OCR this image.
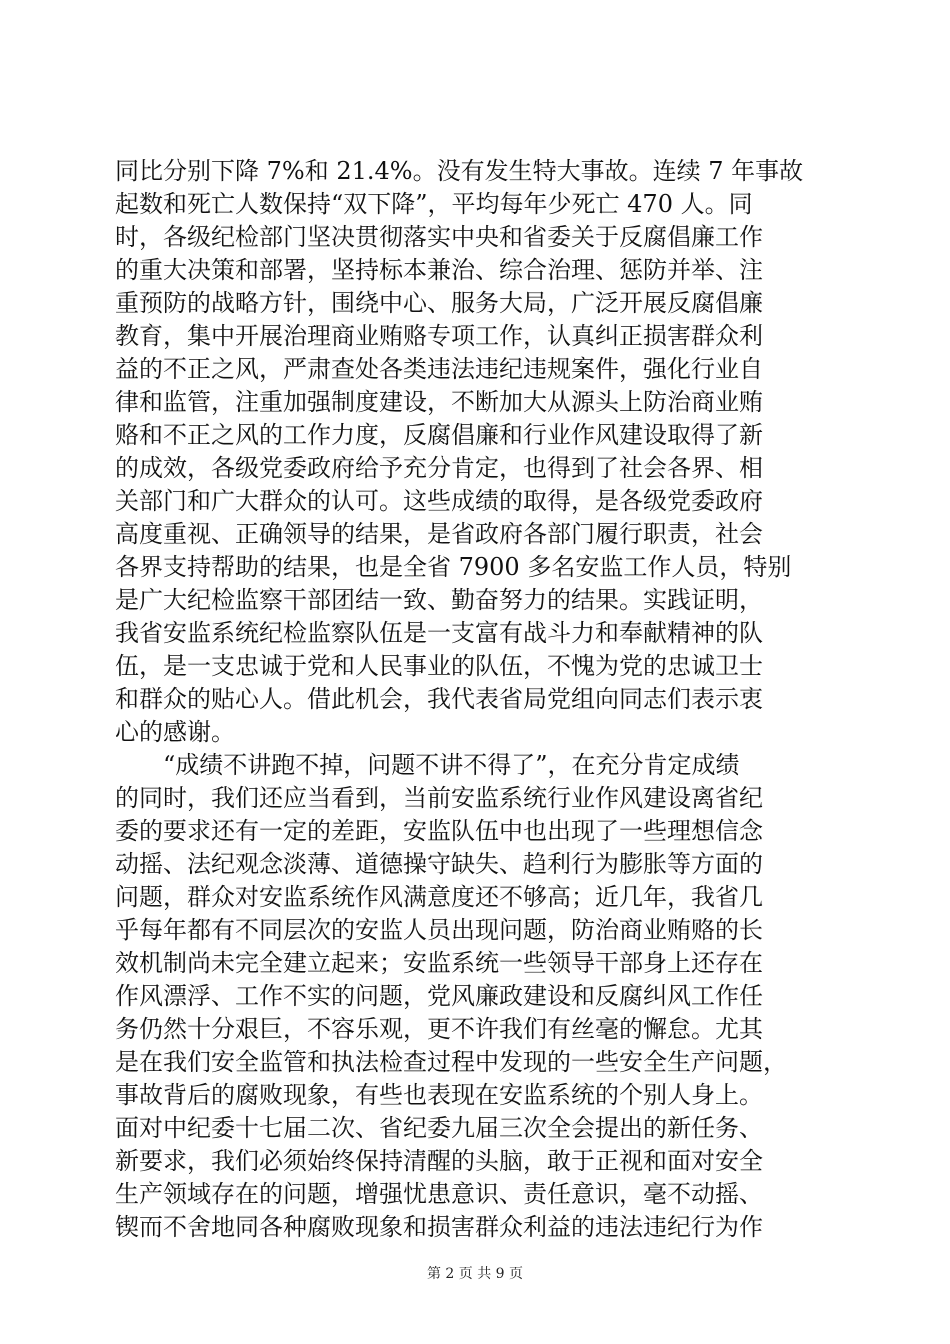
同比分别下降 7%和 21.4%。没有发生特大事故。连续 7 年事故
起数和死亡人数保持“双下降”，平均每年少死亡 470 人。同
时，各级纪检部门坚决贯彻落实中央和省委关于反腐倡廉工作
的重大决策和部署，坚持标本兼治、综合治理、惩防并举、注
重预防的战略方针，围绕中心、服务大局，广泛开展反腐倡廉
教育，集中开展治理商业贿赂专项工作，认真纠正损害群众利
益的不正之风，严肃查处各类违法违纪违规案件，强化行业自
律和监管，注重加强制度建设，不断加大从源头上防治商业贿
赂和不正之风的工作力度，反腐倡廉和行业作风建设取得了新
的成效，各级党委政府给予充分肯定，也得到了社会各界、相
关部门和广大群众的认可。这些成绩的取得，是各级党委政府
高度重视、正确领导的结果，是省政府各部门履行职责，社会
各界支持帮助的结果，也是全省 7900 多名安监工作人员，特别
是广大纪检监察干部团结一致、勤奋努力的结果。实践证明，
我省安监系统纪检监察队伍是一支富有战斗力和奉献精神的队
伍，是一支忠诚于党和人民事业的队伍，不愧为党的忠诚卫士
和群众的贴心人。借此机会，我代表省局党组向同志们表示衷
心的感谢。
　　“成绩不讲跑不掉，问题不讲不得了”，在充分肯定成绩
的同时，我们还应当看到，当前安监系统行业作风建设离省纪
委的要求还有一定的差距，安监队伍中也出现了一些理想信念
动摇、法纪观念淡薄、道德操守缺失、趋利行为膨胀等方面的
问题，群众对安监系统作风满意度还不够高；近几年，我省几
乎每年都有不同层次的安监人员出现问题，防治商业贿赂的长
效机制尚未完全建立起来；安监系统一些领导干部身上还存在
作风漂浮、工作不实的问题，党风廉政建设和反腐纠风工作任
务仍然十分艰巨，不容乐观，更不许我们有丝毫的懈怠。尤其
是在我们安全监管和执法检查过程中发现的一些安全生产问题，
事故背后的腐败现象，有些也表现在安监系统的个别人身上。
面对中纪委十七届二次、省纪委九届三次全会提出的新任务、
新要求，我们必须始终保持清醒的头脑，敢于正视和面对安全
生产领域存在的问题，增强忧患意识、责任意识，毫不动摇、
锲而不舍地同各种腐败现象和损害群众利益的违法违纪行为作
第 2 页 共 9 页
